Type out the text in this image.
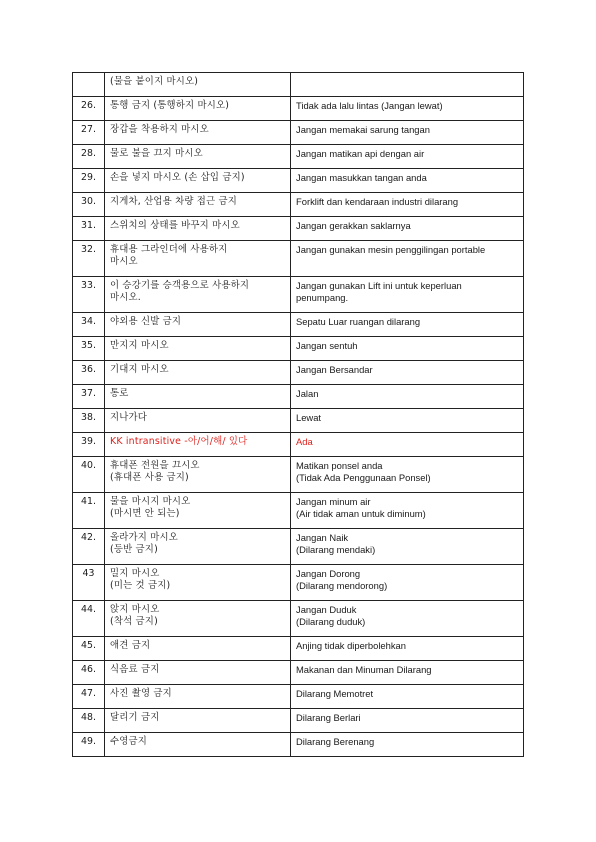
	(물을 붙이지 마시오)	

26.	통행 금지 (통행하지 마시오)	Tidak ada lalu lintas (Jangan lewat)

27.	장갑을 착용하지 마시오	Jangan memakai sarung tangan

28.	물로 불을 끄지 마시오	Jangan matikan api dengan air

29.	손을 넣지 마시오 (손 삽입 금지)	Jangan masukkan tangan anda

30.	지게차, 산업용 차량 접근 금지	Forklift dan kendaraan industri dilarang

31.	스위치의 상태를 바꾸지 마시오	Jangan gerakkan saklarnya

32.	휴대용 그라인더에 사용하지
마시오	Jangan gunakan mesin penggilingan portable

33.	이 승강기를 승객용으로 사용하지
마시오.	Jangan gunakan Lift ini untuk keperluan
penumpang.

34.	야외용 신발 금지	Sepatu Luar ruangan dilarang

35.	만지지 마시오	Jangan sentuh

36.	기대지 마시오	Jangan Bersandar

37.	통로	Jalan

38.	지나가다	Lewat

39.	KK intransitive -아/어/해/ 있다	Ada

40.	휴대폰 전원을 끄시오
(휴대폰 사용 금지)	Matikan ponsel anda
(Tidak Ada Penggunaan Ponsel)

41.	물을 마시지 마시오
(마시면 안 되는)	Jangan minum air
(Air tidak aman untuk diminum)

42.	올라가지 마시오
(등반 금지)	Jangan Naik
(Dilarang mendaki)

43	밀지 마시오
(미는 것 금지)	Jangan Dorong
(Dilarang mendorong)

44.	앉지 마시오
(착석 금지)	Jangan Duduk
(Dilarang duduk)

45.	애견 금지	Anjing tidak diperbolehkan

46.	식음료 금지	Makanan dan Minuman Dilarang

47.	사진 촬영 금지	Dilarang Memotret

48.	달리기 금지	Dilarang Berlari

49.	수영금지	Dilarang Berenang
